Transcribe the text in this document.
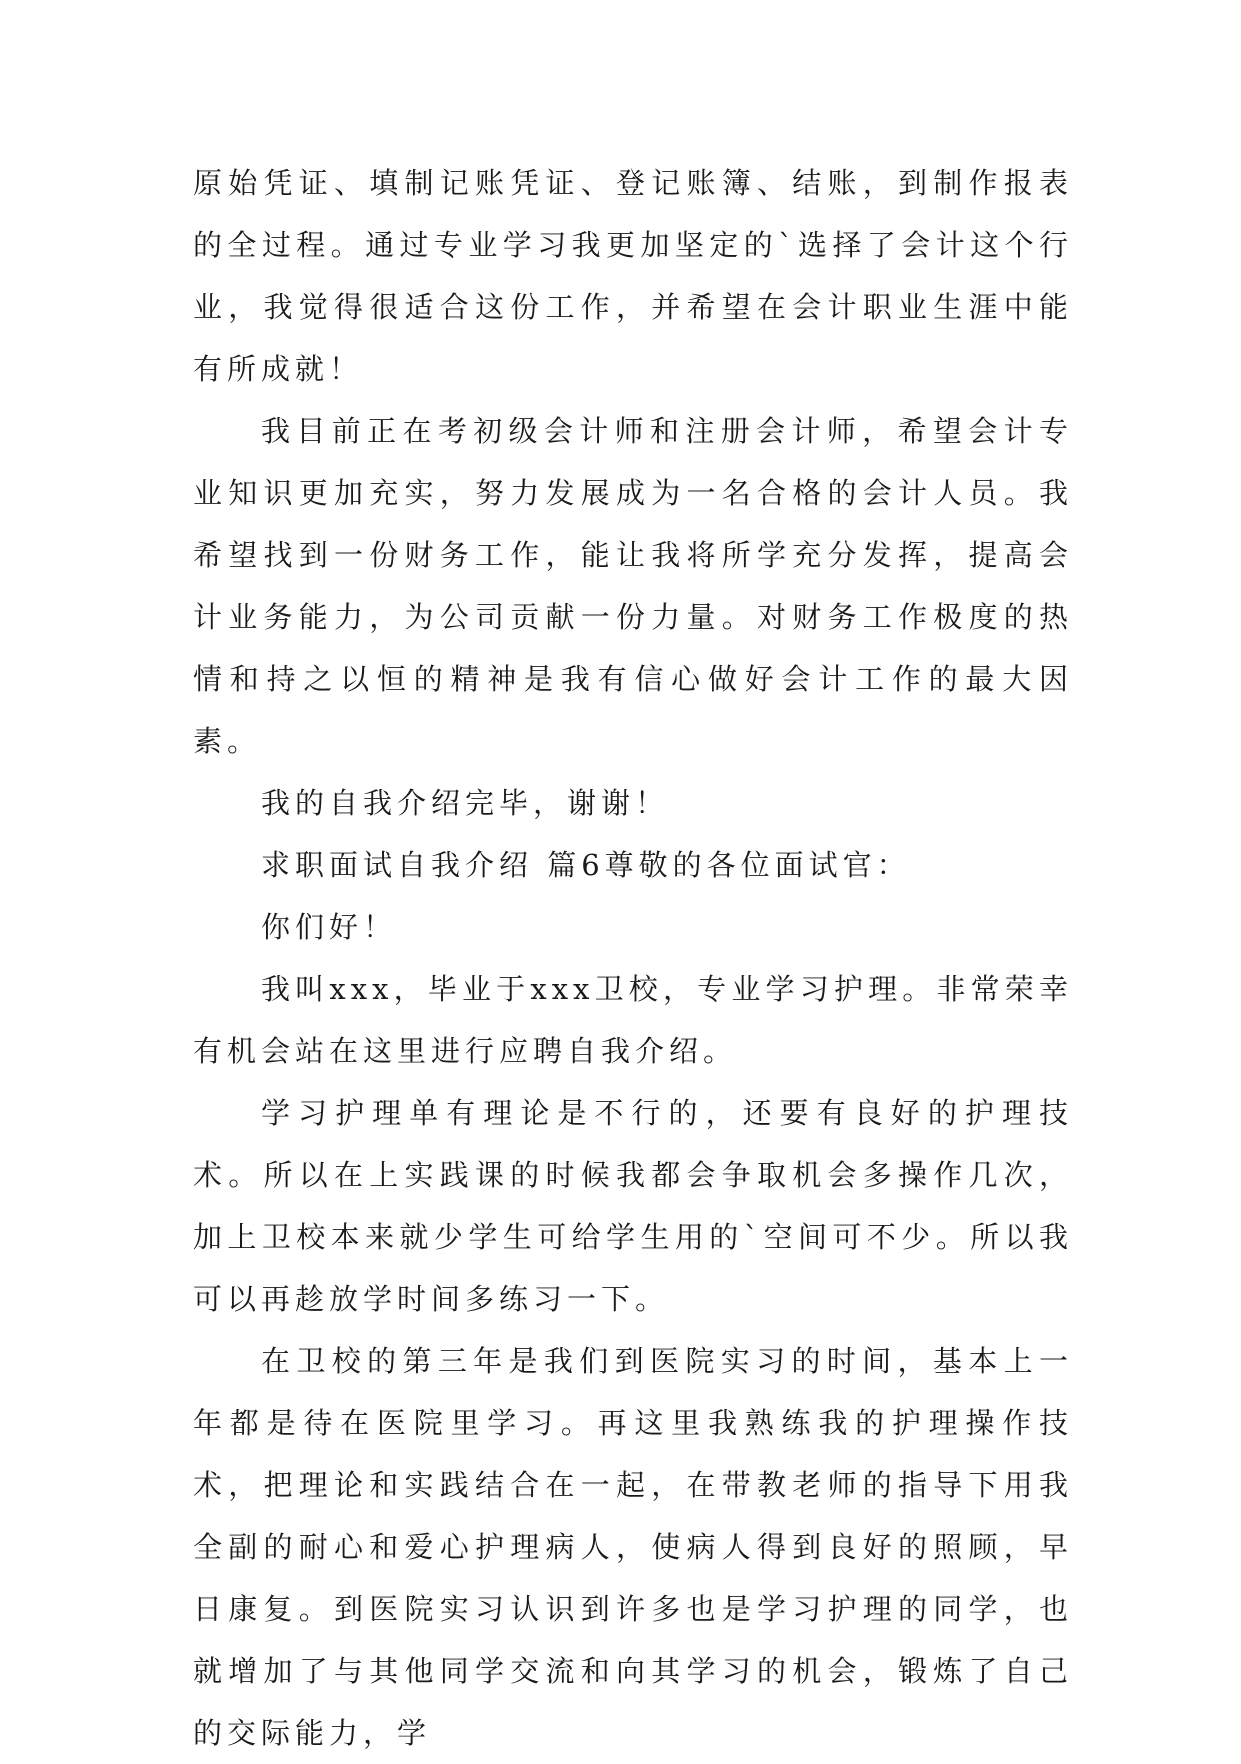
原始凭证、填制记账凭证、登记账簿、结账，到制作报表的全过程。通过专业学习我更加坚定的`选择了会计这个行业，我觉得很适合这份工作，并希望在会计职业生涯中能有所成就！

我目前正在考初级会计师和注册会计师，希望会计专业知识更加充实，努力发展成为一名合格的会计人员。我希望找到一份财务工作，能让我将所学充分发挥，提高会计业务能力，为公司贡献一份力量。对财务工作极度的热情和持之以恒的精神是我有信心做好会计工作的最大因素。

我的自我介绍完毕，谢谢！

求职面试自我介绍 篇6尊敬的各位面试官：

你们好！

我叫xxx，毕业于xxx卫校，专业学习护理。非常荣幸有机会站在这里进行应聘自我介绍。

学习护理单有理论是不行的，还要有良好的护理技术。所以在上实践课的时候我都会争取机会多操作几次，加上卫校本来就少学生可给学生用的`空间可不少。所以我可以再趁放学时间多练习一下。

在卫校的第三年是我们到医院实习的时间，基本上一年都是待在医院里学习。再这里我熟练我的护理操作技术，把理论和实践结合在一起，在带教老师的指导下用我全副的耐心和爱心护理病人，使病人得到良好的照顾，早日康复。到医院实习认识到许多也是学习护理的同学，也就增加了与其他同学交流和向其学习的机会，锻炼了自己的交际能力，学
